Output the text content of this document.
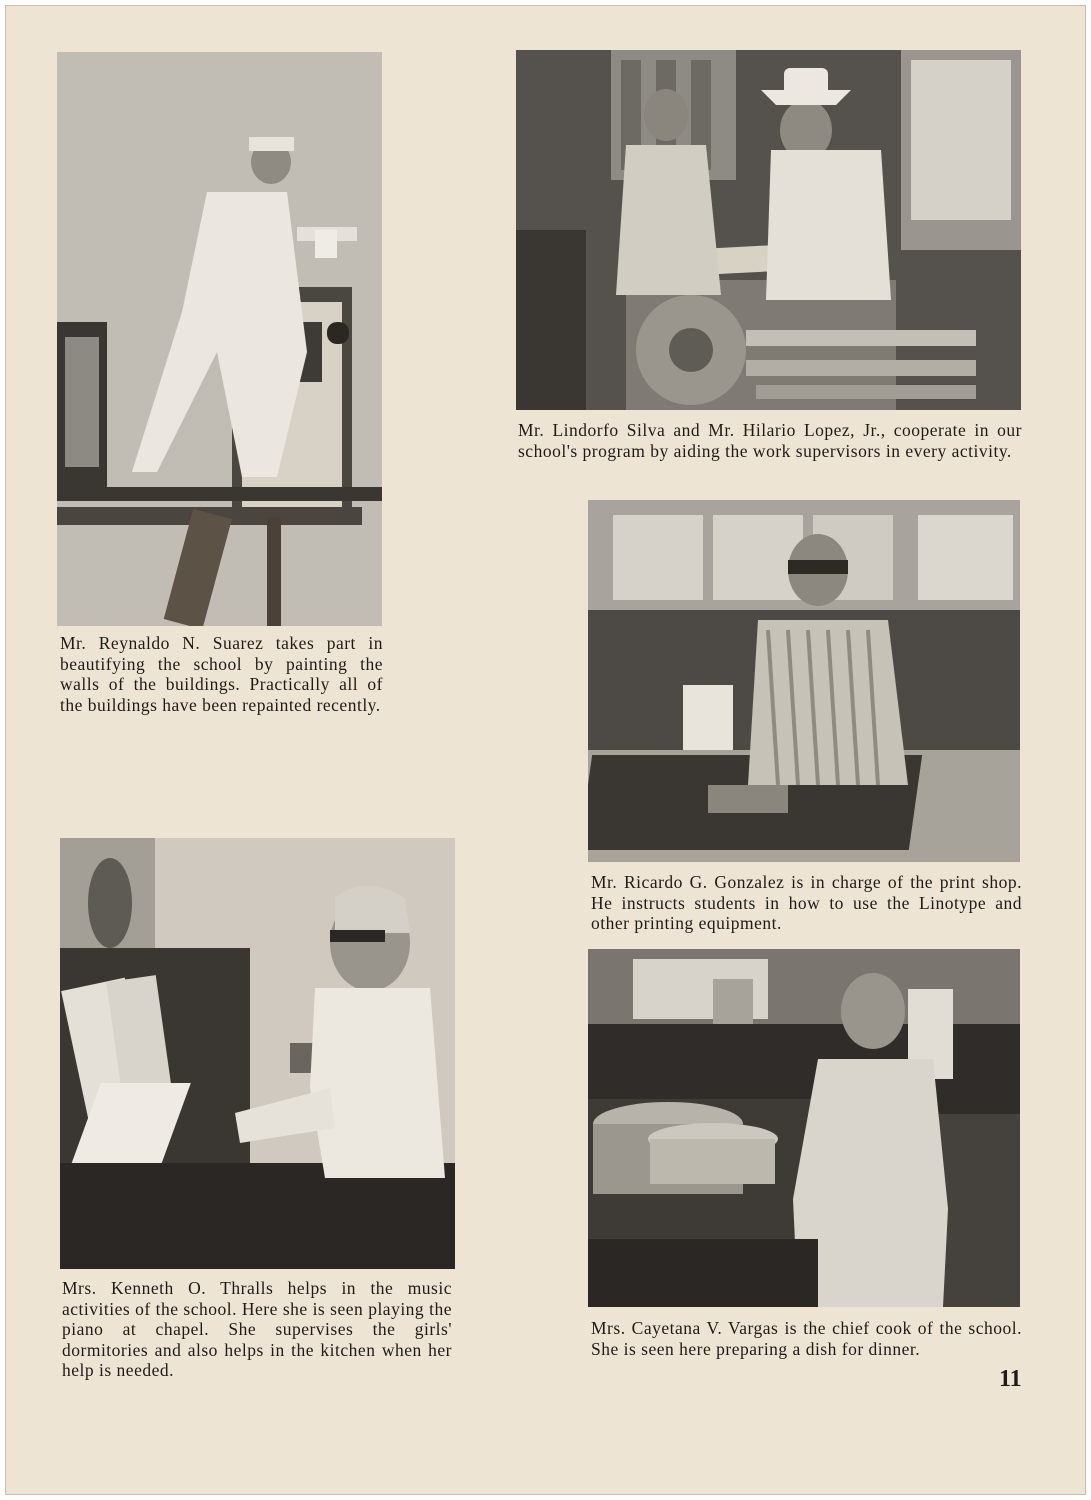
Mr. Reynaldo N. Suarez takes part in beautifying the school by painting the walls of the buildings. Practically all of the buildings have been repainted recently.

Mr. Lindorfo Silva and Mr. Hilario Lopez, Jr., cooperate in our school's program by aiding the work supervisors in every activity.

Mr. Ricardo G. Gonzalez is in charge of the print shop. He instructs students in how to use the Linotype and other printing equipment.

Mrs. Kenneth O. Thralls helps in the music activities of the school. Here she is seen playing the piano at chapel. She supervises the girls' dormitories and also helps in the kitchen when her help is needed.

Mrs. Cayetana V. Vargas is the chief cook of the school. She is seen here preparing a dish for dinner.

11
